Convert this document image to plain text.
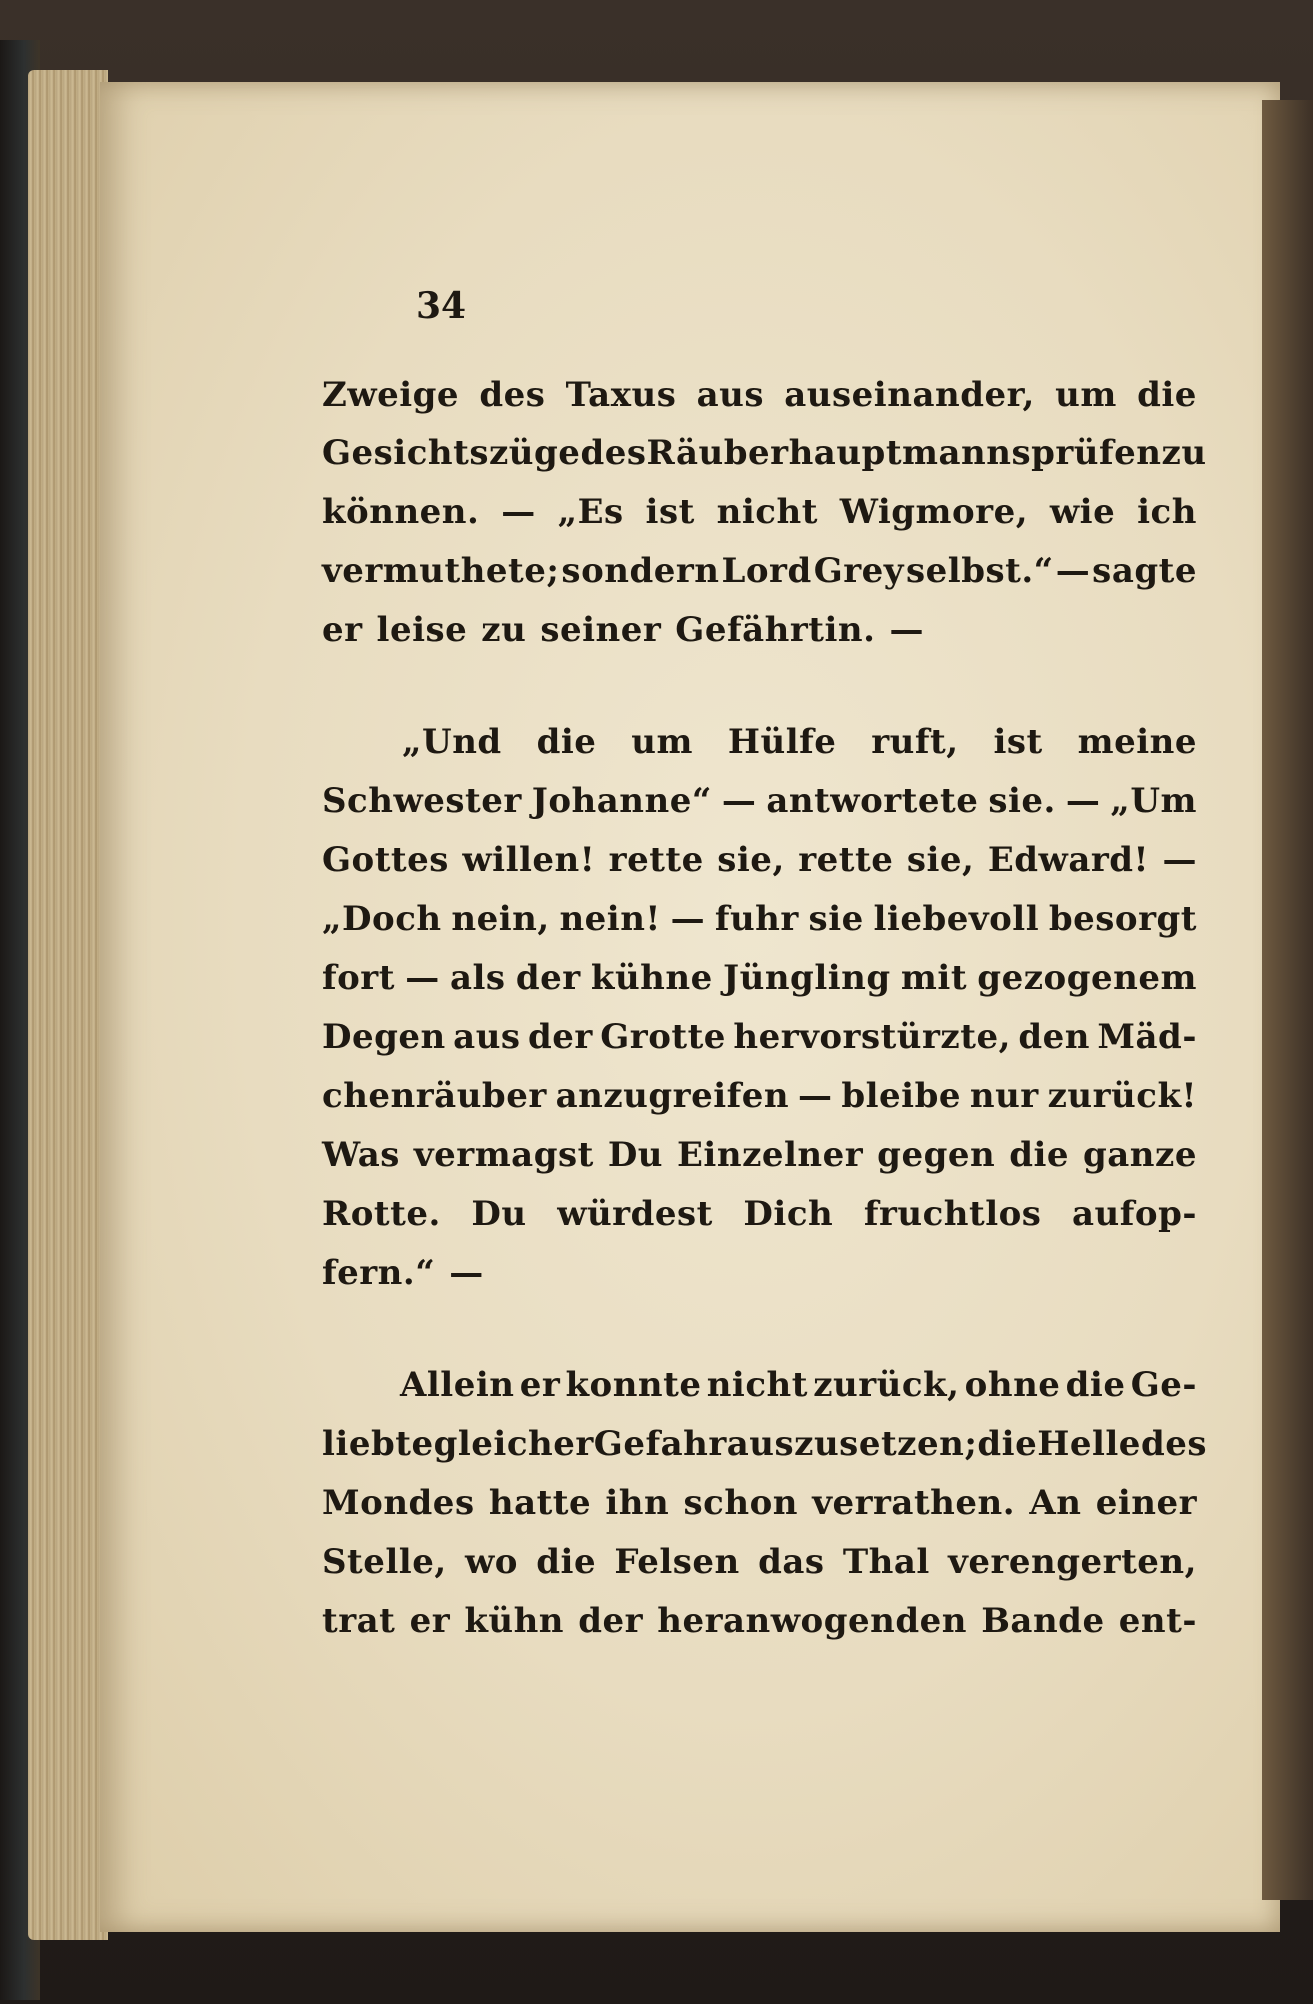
34
Zweige des Taxus aus auseinander, um die
Gesichtszüge des Räuberhauptmanns prüfen zu
können. — „Es ist nicht Wigmore, wie ich
vermuthete; sondern Lord Grey selbst.“ — sagte
er leise zu seiner Gefährtin. —
„Und die um Hülfe ruft, ist meine
Schwester Johanne“ — antwortete sie. — „Um
Gottes willen! rette sie, rette sie, Edward! —
„Doch nein, nein! — fuhr sie liebevoll besorgt
fort — als der kühne Jüngling mit gezogenem
Degen aus der Grotte hervorstürzte, den Mäd-
chenräuber anzugreifen — bleibe nur zurück!
Was vermagst Du Einzelner gegen die ganze
Rotte. Du würdest Dich fruchtlos aufop-
fern.“ —
Allein er konnte nicht zurück, ohne die Ge-
liebte gleicher Gefahr auszusetzen; die Helle des
Mondes hatte ihn schon verrathen. An einer
Stelle, wo die Felsen das Thal verengerten,
trat er kühn der heranwogenden Bande ent-
